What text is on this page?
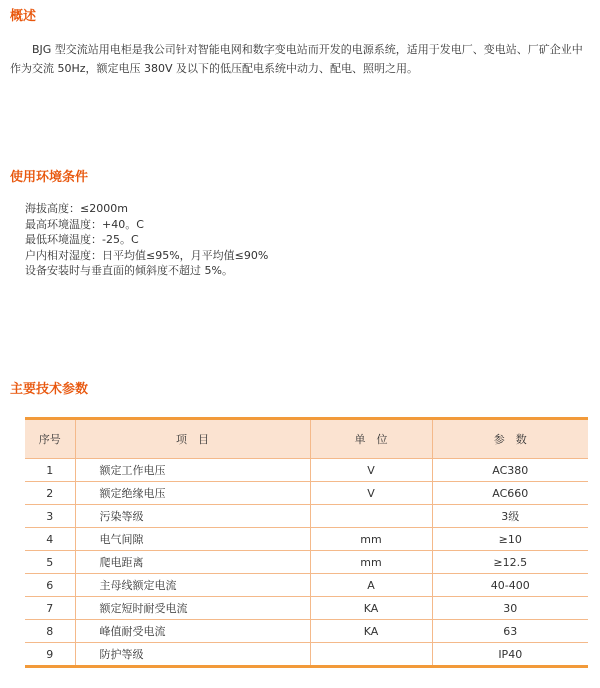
概述

BJG 型交流站用电柜是我公司针对智能电网和数字变电站而开发的电源系统，适用于发电厂、变电站、厂矿企业中作为交流 50Hz，额定电压 380V 及以下的低压配电系统中动力、配电、照明之用。

使用环境条件
海拔高度：≤2000m
最高环境温度：+40。C
最低环境温度：-25。C
户内相对湿度：日平均值≤95%，月平均值≤90%
设备安装时与垂直面的倾斜度不超过 5%。
主要技术参数
序号	项　目	单　位	参　数
1	额定工作电压	V	AC380
2	额定绝缘电压	V	AC660
3	污染等级		3级
4	电气间隙	mm	≥10
5	爬电距离	mm	≥12.5
6	主母线额定电流	A	40-400
7	额定短时耐受电流	KA	30
8	峰值耐受电流	KA	63
9	防护等级		IP40
